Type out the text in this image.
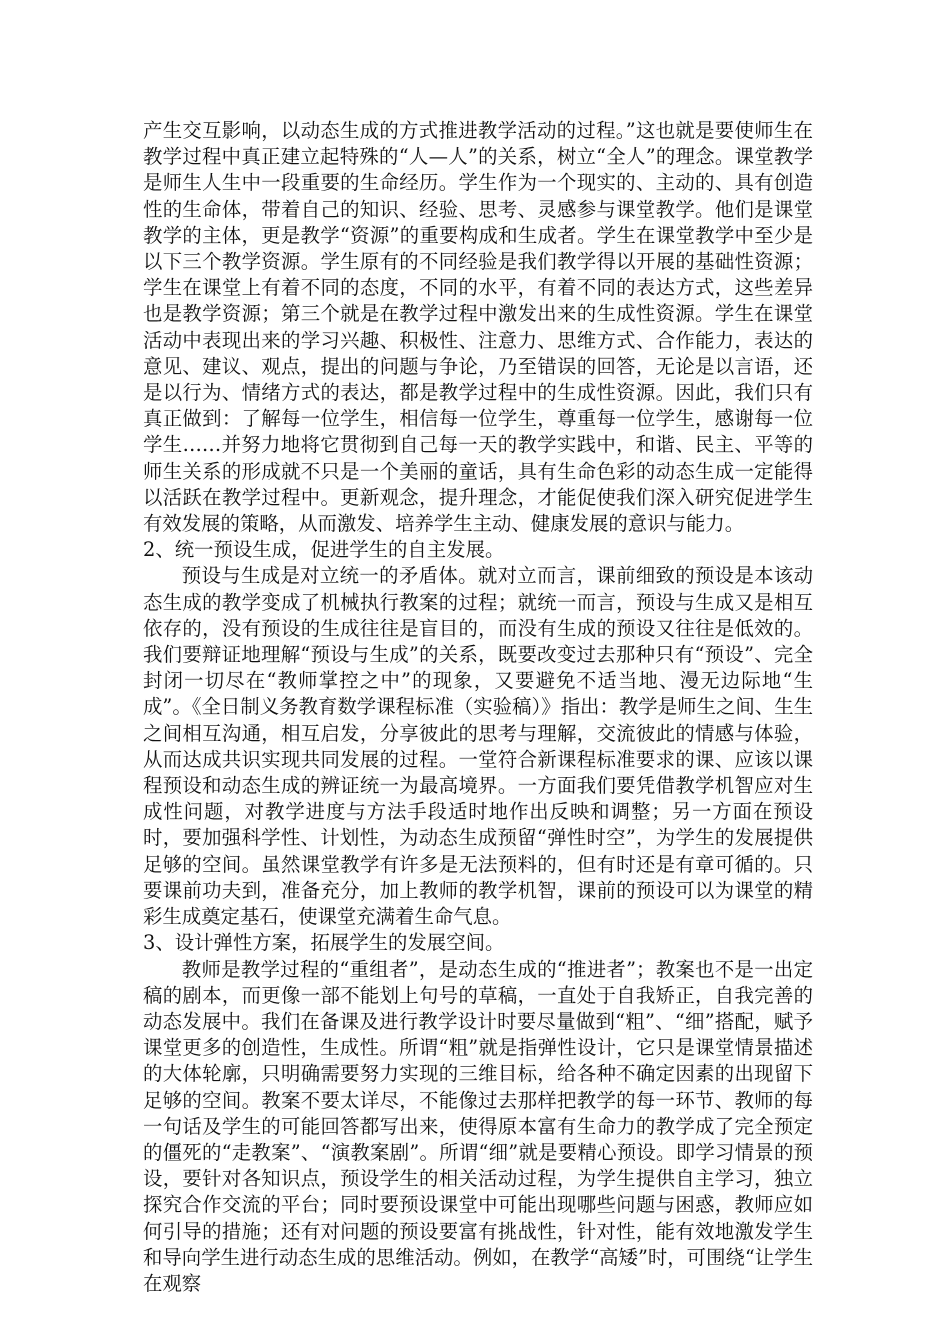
产生交互影响，以动态生成的方式推进教学活动的过程。”这也就是要使师生在教学过程中真正建立起特殊的“人—人”的关系，树立“全人”的理念。课堂教学是师生人生中一段重要的生命经历。学生作为一个现实的、主动的、具有创造性的生命体，带着自己的知识、经验、思考、灵感参与课堂教学。他们是课堂教学的主体，更是教学“资源”的重要构成和生成者。学生在课堂教学中至少是以下三个教学资源。学生原有的不同经验是我们教学得以开展的基础性资源；学生在课堂上有着不同的态度，不同的水平，有着不同的表达方式，这些差异也是教学资源；第三个就是在教学过程中激发出来的生成性资源。学生在课堂活动中表现出来的学习兴趣、积极性、注意力、思维方式、合作能力，表达的意见、建议、观点，提出的问题与争论，乃至错误的回答，无论是以言语，还是以行为、情绪方式的表达，都是教学过程中的生成性资源。因此，我们只有真正做到：了解每一位学生，相信每一位学生，尊重每一位学生，感谢每一位学生……并努力地将它贯彻到自己每一天的教学实践中，和谐、民主、平等的师生关系的形成就不只是一个美丽的童话，具有生命色彩的动态生成一定能得以活跃在教学过程中。更新观念，提升理念，才能促使我们深入研究促进学生有效发展的策略，从而激发、培养学生主动、健康发展的意识与能力。

2、统一预设生成，促进学生的自主发展。

预设与生成是对立统一的矛盾体。就对立而言，课前细致的预设是本该动态生成的教学变成了机械执行教案的过程；就统一而言，预设与生成又是相互依存的，没有预设的生成往往是盲目的，而没有生成的预设又往往是低效的。我们要辩证地理解“预设与生成”的关系，既要改变过去那种只有“预设”、完全封闭一切尽在“教师掌控之中”的现象，又要避免不适当地、漫无边际地“生成”。《全日制义务教育数学课程标准（实验稿）》指出：教学是师生之间、生生之间相互沟通，相互启发，分享彼此的思考与理解，交流彼此的情感与体验，从而达成共识实现共同发展的过程。一堂符合新课程标准要求的课、应该以课程预设和动态生成的辨证统一为最高境界。一方面我们要凭借教学机智应对生成性问题，对教学进度与方法手段适时地作出反映和调整；另一方面在预设时，要加强科学性、计划性，为动态生成预留“弹性时空”，为学生的发展提供足够的空间。虽然课堂教学有许多是无法预料的，但有时还是有章可循的。只要课前功夫到，准备充分，加上教师的教学机智，课前的预设可以为课堂的精彩生成奠定基石，使课堂充满着生命气息。

3、设计弹性方案，拓展学生的发展空间。

教师是教学过程的“重组者”，是动态生成的“推进者”；教案也不是一出定稿的剧本，而更像一部不能划上句号的草稿，一直处于自我矫正，自我完善的动态发展中。我们在备课及进行教学设计时要尽量做到“粗”、“细”搭配，赋予课堂更多的创造性，生成性。所谓“粗”就是指弹性设计，它只是课堂情景描述的大体轮廓，只明确需要努力实现的三维目标，给各种不确定因素的出现留下足够的空间。教案不要太详尽，不能像过去那样把教学的每一环节、教师的每一句话及学生的可能回答都写出来，使得原本富有生命力的教学成了完全预定的僵死的“走教案”、“演教案剧”。所谓“细”就是要精心预设。即学习情景的预设，要针对各知识点，预设学生的相关活动过程，为学生提供自主学习，独立探究合作交流的平台；同时要预设课堂中可能出现哪些问题与困惑，教师应如何引导的措施；还有对问题的预设要富有挑战性，针对性，能有效地激发学生和导向学生进行动态生成的思维活动。例如，在教学“高矮”时，可围绕“让学生在观察
